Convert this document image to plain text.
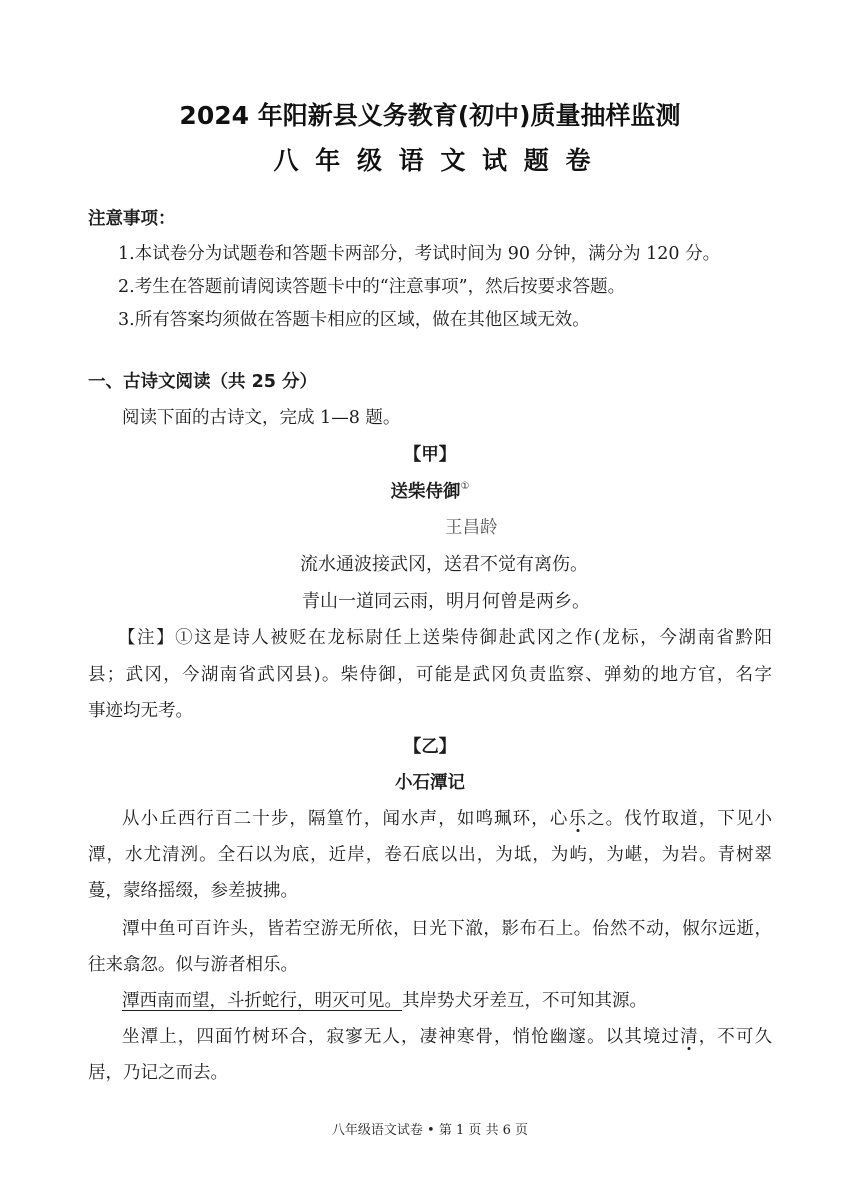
2024 年阳新县义务教育(初中)质量抽样监测
八 年 级 语 文 试 题 卷
注意事项：
1.本试卷分为试题卷和答题卡两部分，考试时间为 90 分钟，满分为 120 分。
2.考生在答题前请阅读答题卡中的“注意事项”，然后按要求答题。
3.所有答案均须做在答题卡相应的区域，做在其他区域无效。
一、古诗文阅读（共 25 分）
阅读下面的古诗文，完成 1—8 题。
【甲】
送柴侍御①
王昌龄
流水通波接武冈，送君不觉有离伤。
青山一道同云雨，明月何曾是两乡。
【注】①这是诗人被贬在龙标尉任上送柴侍御赴武冈之作(龙标，今湖南省黔阳
县；武冈，今湖南省武冈县)。柴侍御，可能是武冈负责监察、弹劾的地方官，名字
事迹均无考。
【乙】
小石潭记
从小丘西行百二十步，隔篁竹，闻水声，如鸣珮环，心乐之。伐竹取道，下见小
潭，水尤清洌。全石以为底，近岸，卷石底以出，为坻，为屿，为嵁，为岩。青树翠
蔓，蒙络摇缀，参差披拂。
潭中鱼可百许头，皆若空游无所依，日光下澈，影布石上。佁然不动，俶尔远逝，
往来翕忽。似与游者相乐。
潭西南而望，斗折蛇行，明灭可见。其岸势犬牙差互，不可知其源。
坐潭上，四面竹树环合，寂寥无人，凄神寒骨，悄怆幽邃。以其境过清，不可久
居，乃记之而去。
八年级语文试卷 • 第 1 页 共 6 页
